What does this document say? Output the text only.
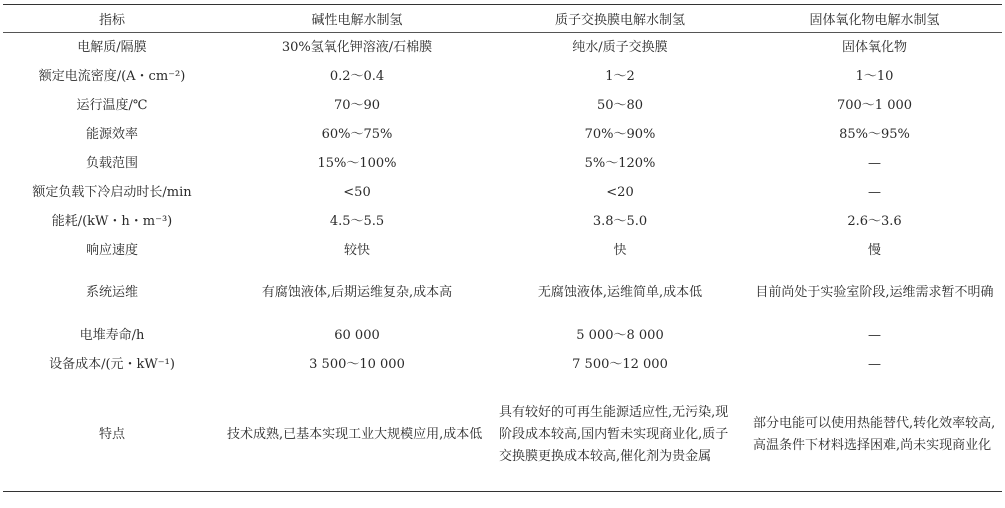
指标	碱性电解水制氢	质子交换膜电解水制氢	固体氧化物电解水制氢
电解质/隔膜	30%氢氧化钾溶液/石棉膜	纯水/质子交换膜	固体氧化物
额定电流密度/(A・cm⁻²)	0.2～0.4	1～2	1～10
运行温度/℃	70～90	50～80	700～1 000
能源效率	60%～75%	70%～90%	85%～95%
负载范围	15%～100%	5%～120%	—
额定负载下冷启动时长/min	<50	<20	—
能耗/(kW・h・m⁻³)	4.5～5.5	3.8～5.0	2.6～3.6
响应速度	较快	快	慢
系统运维	有腐蚀液体,后期运维复杂,成本高	无腐蚀液体,运维简单,成本低	目前尚处于实验室阶段,运维需求暂不明确
电堆寿命/h	60 000	5 000～8 000	—
设备成本/(元・kW⁻¹)	3 500～10 000	7 500～12 000	—
特点	技术成熟,已基本实现工业大规模应用,成本低	具有较好的可再生能源适应性,无污染,现阶段成本较高,国内暂未实现商业化,质子交换膜更换成本较高,催化剂为贵金属	部分电能可以使用热能替代,转化效率较高,高温条件下材料选择困难,尚未实现商业化
